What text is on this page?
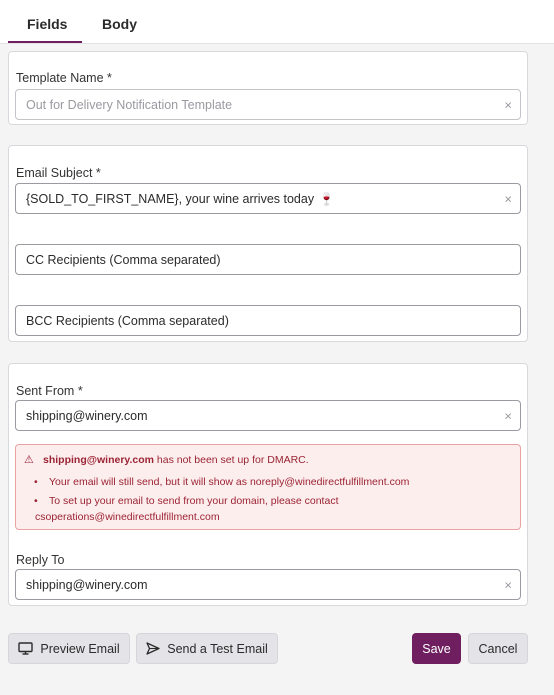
Fields Body
Template Name *
Out for Delivery Notification Template	×
Email Subject *
{SOLD_TO_FIRST_NAME}, your wine arrives today 🍷	×
CC Recipients (Comma separated)
BCC Recipients (Comma separated)
Sent From *
shipping@winery.com	×
⚠ shipping@winery.com has not been set up for DMARC.
• Your email will still send, but it will show as noreply@winedirectfulfillment.com
• To set up your email to send from your domain, please contact
csoperations@winedirectfulfillment.com
Reply To
shipping@winery.com	×
Preview Email	Send a Test Email	Save	Cancel
